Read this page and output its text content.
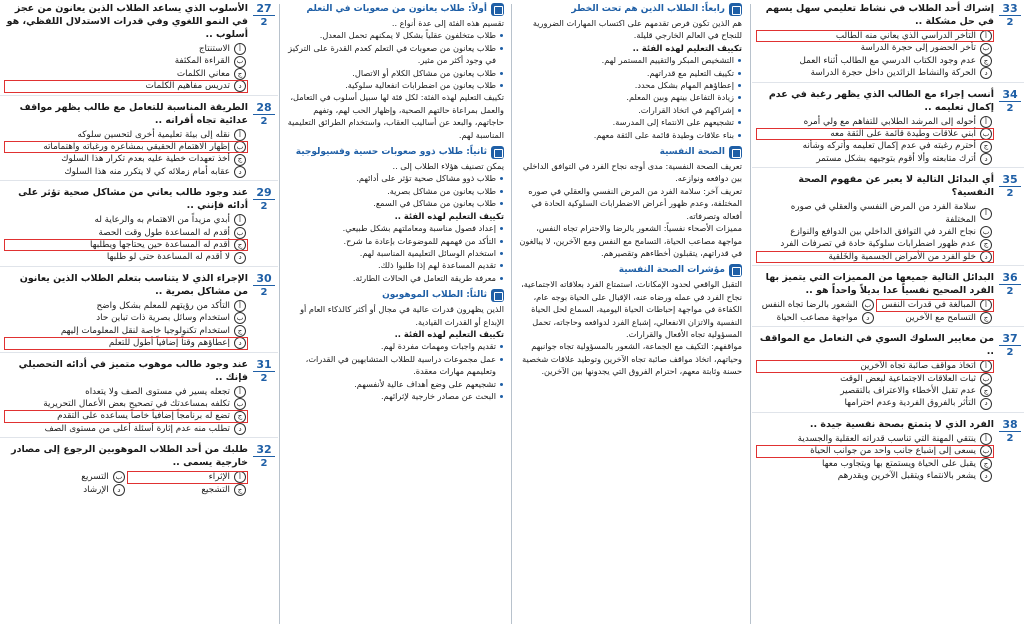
33
2

إشراك أحد الطلاب في نشاط تعليمي سهل يسهم في حل مشكلة ..

أ
التأخر الدراسي الذي يعاني منه الطالب
ب
تأخر الحضور إلى حجرة الدراسة
ج
عدم وجود الكتاب الدرسي مع الطالب أثناء العمل
د
الحركة والنشاط الزائدين داخل حجرة الدراسة
34
2

أنسب إجراء مع الطالب الذي يظهر رغبة في عدم إكمال تعليمه ..

أ
أحوله إلى المرشد الطلابي للتفاهم مع ولي أمره
ب
أبني علاقات وطيدة قائمة على الثقة معه
ج
أحترم رغبته في عدم إكمال تعليمه وأتركه وشأنه
د
أترك متابعته وألا أقوم بتوجيهه بشكل مستمر
35
2

أي البدائل التالية لا يعبر عن مفهوم الصحة النفسية؟

أ
سلامة الفرد من المرض النفسي والعقلي في صوره المختلفة
ب
نجاح الفرد في التوافق الداخلي بين الدوافع والنوازع
ج
عدم ظهور اضطرابات سلوكية حادة في تصرفات الفرد
د
خلو الفرد من الأمراض الجسمية والخَلقية
36
2

البدائل التالية جميعها من المميزات التي يتميز بها الفرد الصحيح نفسياً عدا بديلاً واحداً هو ..

أ
المبالغة في قدرات النفس
ب
الشعور بالرضا تجاه النفس
ج
التسامح مع الآخرين
د
مواجهة مصاعب الحياة
37
2

من معايير السلوك السوي في التعامل مع المواقف ..

أ
اتخاذ مواقف صائبة تجاه الآخرين
ب
ثبات العلاقات الاجتماعية لبعض الوقت
ج
عدم تقبل الأخطاء والاعتراف بالتقصير
د
التأثر بالفروق الفردية وعدم احترامها
38
2

الفرد الذي لا يتمتع بصحة نفسية جيدة ..

أ
ينتقي المهنة التي تناسب قدراته العقلية والجسدية
ب
يسعى إلى إشباع جانب واحد من جوانب الحياة
ج
يقبل على الحياة ويستمتع بها ويتجاوب معها
د
يشعر بالانتماء ويتقبل الآخرين ويقدرهم
رابعاً: الطلاب الذين هم تحت الخطر

هم الذين تكون فرص تقدمهم على اكتساب المهارات الضرورية للنجاح في العالم الخارجي قليلة.

تكييف التعليم لهذه الفئة ..

التشخيص المبكر والتقييم المستمر لهم.

تكييف التعليم مع قدراتهم.

إعطاؤهم المهام بشكل محدد.

زيادة التفاعل بينهم وبين المعلم.

إشراكهم في اتخاذ القرارات.

تشجيعهم على الانتماء إلى المدرسة.

بناء علاقات وطيدة قائمة على الثقة معهم.

الصحة النفسية

تعريف الصحة النفسية: مدى أوجه نجاح الفرد في التوافق الداخلي بين دوافعه ونوازعه.

تعريف آخر: سلامة الفرد من المرض النفسي والعقلي في صوره المختلفة، وعدم ظهور أعراض الاضطرابات السلوكية الحادة في أفعاله وتصرفاته.

مميزات الأصحاء نفسياً: الشعور بالرضا والاحترام تجاه النفس، مواجهة مصاعب الحياة، التسامح مع النفس ومع الآخرين، لا يبالغون في قدراتهم، يتقبلون أخطاءهم وتقصيرهم.

مؤشرات الصحة النفسية

التقبل الواقعي لحدود الإمكانات، استمتاع الفرد بعلاقاته الاجتماعية، نجاح الفرد في عمله ورضاه عنه، الإقبال على الحياة بوجه عام، الكفاءة في مواجهة إحباطات الحياة اليومية، السماع لحل الحياة النفسية والاتزان الانفعالي، إشباع الفرد لدوافعه وحاجاته، تحمل المسؤولية تجاه الأفعال والقرارات.

مواقفهم: التكيف مع الجماعة، الشعور بالمسؤولية تجاه جوانبهم وحياتهم، اتخاذ مواقف صائبة تجاه الآخرين وتوطيد علاقات شخصية حسنة وثابتة معهم، احترام الفروق التي يجدونها بين الآخرين.

أولاً: طلاب يعانون من صعوبات في التعلم

تقسيم هذه الفئة إلى عدة أنواع ..

طلاب متخلفون عقلياً بشكل لا يمكنهم تحمل المعدل.

طلاب يعانون من صعوبات في التعلم كعدم القدرة على التركيز في وجود أكثر من مثير.

طلاب يعانون من مشاكل الكلام أو الاتصال.

طلاب يعانون من اضطرابات انفعالية سلوكية.

تكييف التعليم لهذه الفئة: لكل فئة لها سبيل أسلوب في التعامل، والعمل بمراعاة حالتهم الصحية، وإظهار الحب لهم، وتفهم حاجاتهم، والبعد عن أساليب العقاب، واستخدام الطرائق التعليمية المناسبة لهم.

ثانياً: طلاب ذوو صعوبات حسية وفسيولوجية

يمكن تصنيف هؤلاء الطلاب إلى ..

طلاب ذوو مشاكل صحية تؤثر على أدائهم.

طلاب يعانون من مشاكل بصرية.

طلاب يعانون من مشاكل في السمع.

تكييف التعليم لهذه الفئة ..

إعداد فصول مناسبة ومعاملتهم بشكل طبيعي.

التأكد من فهمهم للموضوعات بإعادة ما شرح.

استخدام الوسائل التعليمية المناسبة لهم.

تقديم المساعدة لهم إذا طلبوا ذلك.

معرفة طريقة التعامل في الحالات الطارئة.

ثالثاً: الطلاب الموهوبون

الذين يظهرون قدرات عالية في مجال أو أكثر كالذكاء العام أو الإبداع أو القدرات القيادية.

تكييف التعليم لهذه الفئة ..

تقديم واجبات ومهمات مفردة لهم.

عمل مجموعات دراسية للطلاب المتشابهين في القدرات، وتعليمهم مهارات معقدة.

تشجيعهم على وضع أهداف عالية لأنفسهم.

البحث عن مصادر خارجية لإثرائهم.

27
2

الأسلوب الذي يساعد الطلاب الذين يعانون من عجز في النمو اللغوي وفي قدرات الاستدلال اللفظي، هو أسلوب ..

أ
الاستنتاج
ب
القراءة المكثفة
ج
معاني الكلمات
د
تدريس مفاهيم الكلمات
28
2

الطريقة المناسبة للتعامل مع طالب يظهر مواقف عدائية تجاه أقرانه ..

أ
نقله إلى بيئة تعليمية أخرى لتحسين سلوكه
ب
إظهار الاهتمام الحقيقي بمشاعره ورغباته واهتماماته
ج
أخذ تعهدات خطية عليه بعدم تكرار هذا السلوك
د
عقابه أمام زملائه كي لا يتكرر منه هذا السلوك
29
2

عند وجود طالب يعاني من مشاكل صحية تؤثر على أدائه فإنني ..

أ
أبدي مزيداً من الاهتمام به والرعاية له
ب
أقدم له المساعدة طول وقت الحصة
ج
أقدم له المساعدة حين يحتاجها ويطلبها
د
لا أقدم له المساعدة حتى لو طلبها
30
2

الإجراء الذي لا يتناسب بتعلم الطلاب الذين يعانون من مشاكل بصرية ..

أ
التأكد من رؤيتهم للمعلم بشكل واضح
ب
استخدام وسائل بصرية ذات تباين حاد
ج
استخدام تكنولوجيا خاصة لنقل المعلومات إليهم
د
إعطاؤهم وقتاً إضافياً أطول للتعلم
31
2

عند وجود طالب موهوب متميز في أدائه التحصيلي فإنك ..

أ
تجعله يسير في مستوى الصف ولا يتعداه
ب
تكلفه بمساعدتك في تصحيح بعض الأعمال التحريرية
ج
تضع له برنامجاً إضافياً خاصاً يساعده على التقدم
د
تطلب منه عدم إثارة أسئلة أعلى من مستوى الصف
32
2

طلبك من أحد الطلاب الموهوبين الرجوع إلى مصادر خارجية يسمى ..

أ
الإثراء
ب
التسريع
ج
التشجيع
د
الإرشاد
